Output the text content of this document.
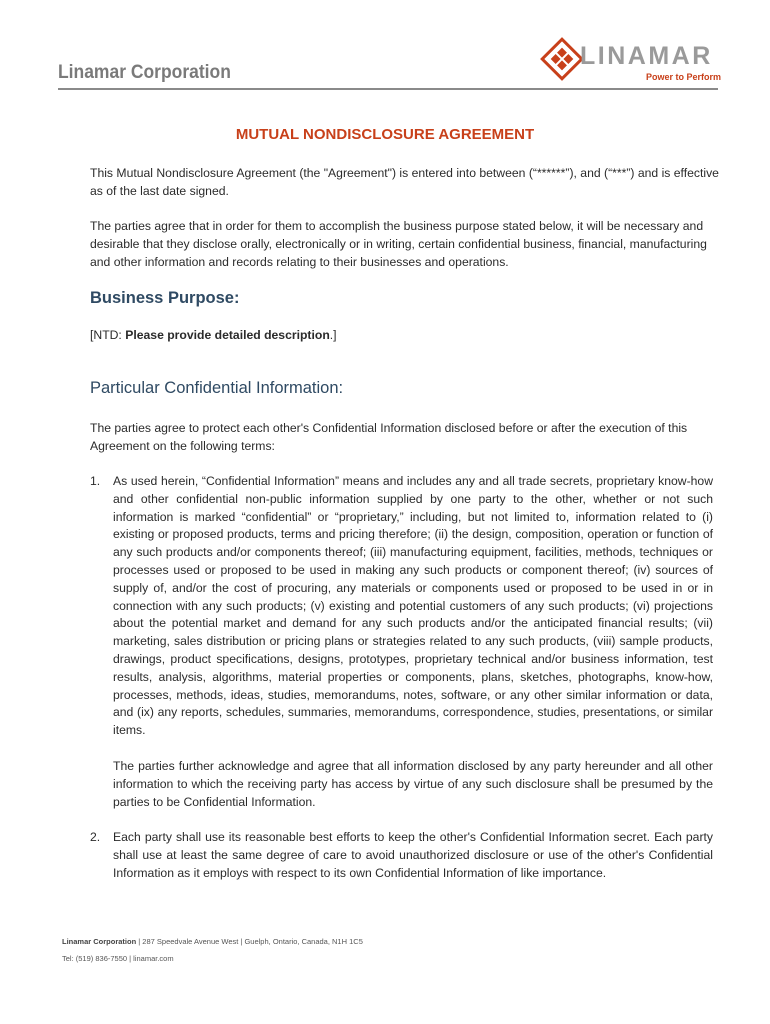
Linamar Corporation
LINAMAR
Power to Perform
MUTUAL NONDISCLOSURE AGREEMENT
This Mutual Nondisclosure Agreement (the "Agreement") is entered into between (“******”), and (“***”) and is effective as of the last date signed.
The parties agree that in order for them to accomplish the business purpose stated below, it will be necessary and desirable that they disclose orally, electronically or in writing, certain confidential business, financial, manufacturing and other information and records relating to their businesses and operations.
Business Purpose:
[NTD: Please provide detailed description.]
Particular Confidential Information:
The parties agree to protect each other's Confidential Information disclosed before or after the execution of this Agreement on the following terms:
1. As used herein, “Confidential Information” means and includes any and all trade secrets, proprietary know-how and other confidential non-public information supplied by one party to the other, whether or not such information is marked “confidential” or “proprietary,” including, but not limited to, information related to (i) existing or proposed products, terms and pricing therefore; (ii) the design, composition, operation or function of any such products and/or components thereof; (iii) manufacturing equipment, facilities, methods, techniques or processes used or proposed to be used in making any such products or component thereof; (iv) sources of supply of, and/or the cost of procuring, any materials or components used or proposed to be used in or in connection with any such products; (v) existing and potential customers of any such products; (vi) projections about the potential market and demand for any such products and/or the anticipated financial results; (vii) marketing, sales distribution or pricing plans or strategies related to any such products, (viii) sample products, drawings, product specifications, designs, prototypes, proprietary technical and/or business information, test results, analysis, algorithms, material properties or components, plans, sketches, photographs, know-how, processes, methods, ideas, studies, memorandums, notes, software, or any other similar information or data, and (ix) any reports, schedules, summaries, memorandums, correspondence, studies, presentations, or similar items.
The parties further acknowledge and agree that all information disclosed by any party hereunder and all other information to which the receiving party has access by virtue of any such disclosure shall be presumed by the parties to be Confidential Information.
2. Each party shall use its reasonable best efforts to keep the other's Confidential Information secret. Each party shall use at least the same degree of care to avoid unauthorized disclosure or use of the other's Confidential Information as it employs with respect to its own Confidential Information of like importance.
Linamar Corporation | 287 Speedvale Avenue West | Guelph, Ontario, Canada, N1H 1C5
Tel: (519) 836-7550 | linamar.com
